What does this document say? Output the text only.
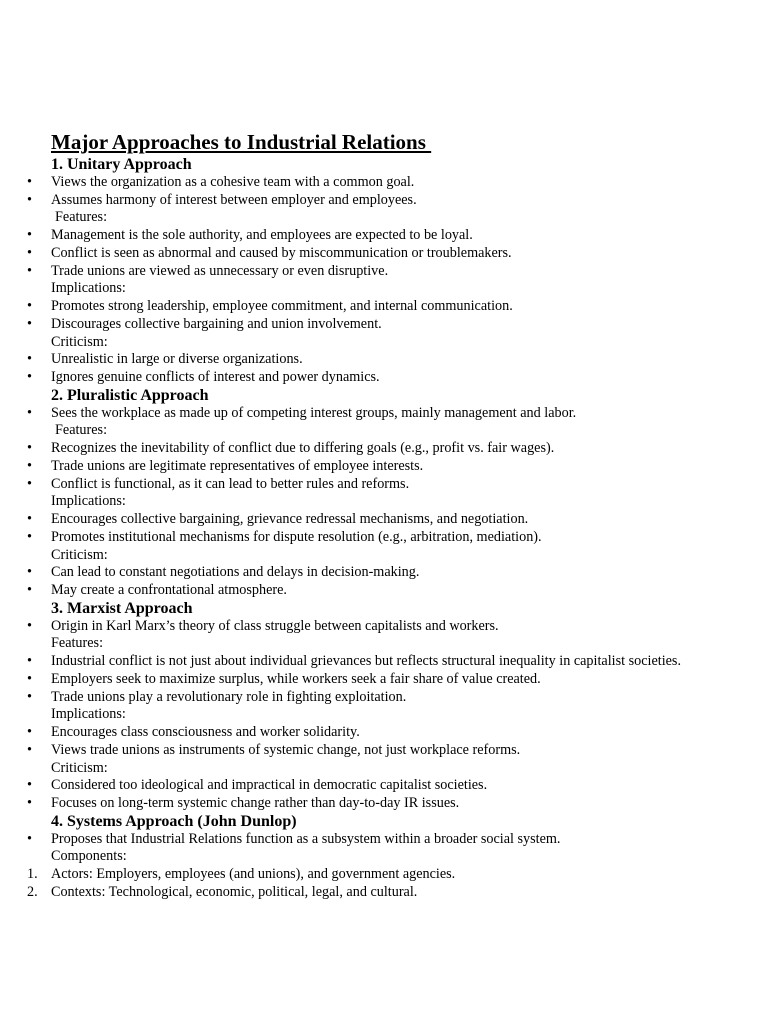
Major Approaches to Industrial Relations
1. Unitary Approach
•	Views the organization as a cohesive team with a common goal.
•	Assumes harmony of interest between employer and employees.
Features:
•	Management is the sole authority, and employees are expected to be loyal.
•	Conflict is seen as abnormal and caused by miscommunication or troublemakers.
•	Trade unions are viewed as unnecessary or even disruptive.
Implications:
•	Promotes strong leadership, employee commitment, and internal communication.
•	Discourages collective bargaining and union involvement.
Criticism:
•	Unrealistic in large or diverse organizations.
•	Ignores genuine conflicts of interest and power dynamics.
2. Pluralistic Approach
•	Sees the workplace as made up of competing interest groups, mainly management and labor.
Features:
•	Recognizes the inevitability of conflict due to differing goals (e.g., profit vs. fair wages).
•	Trade unions are legitimate representatives of employee interests.
•	Conflict is functional, as it can lead to better rules and reforms.
Implications:
•	Encourages collective bargaining, grievance redressal mechanisms, and negotiation.
•	Promotes institutional mechanisms for dispute resolution (e.g., arbitration, mediation).
Criticism:
•	Can lead to constant negotiations and delays in decision-making.
•	May create a confrontational atmosphere.
3. Marxist Approach
•	Origin in Karl Marx’s theory of class struggle between capitalists and workers.
Features:
•	Industrial conflict is not just about individual grievances but reflects structural inequality in capitalist societies.
•	Employers seek to maximize surplus, while workers seek a fair share of value created.
•	Trade unions play a revolutionary role in fighting exploitation.
Implications:
•	Encourages class consciousness and worker solidarity.
•	Views trade unions as instruments of systemic change, not just workplace reforms.
Criticism:
•	Considered too ideological and impractical in democratic capitalist societies.
•	Focuses on long-term systemic change rather than day-to-day IR issues.
4. Systems Approach (John Dunlop)
•	Proposes that Industrial Relations function as a subsystem within a broader social system.
Components:
1. Actors: Employers, employees (and unions), and government agencies.
2. Contexts: Technological, economic, political, legal, and cultural.
